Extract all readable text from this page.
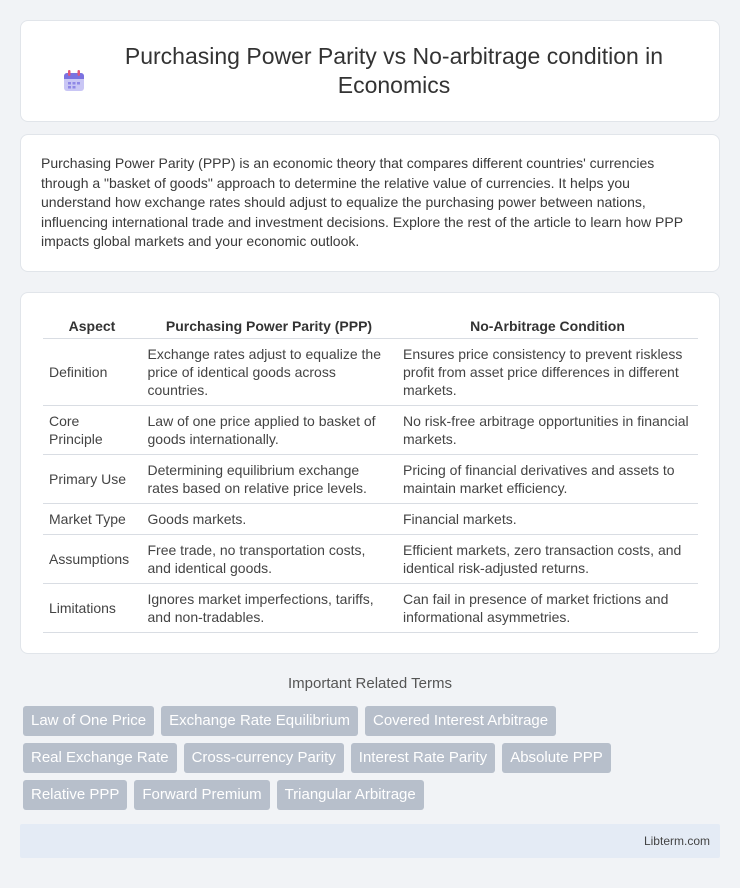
Purchasing Power Parity vs No-arbitrage condition in Economics

Purchasing Power Parity (PPP) is an economic theory that compares different countries' currencies through a "basket of goods" approach to determine the relative value of currencies. It helps you understand how exchange rates should adjust to equalize the purchasing power between nations, influencing international trade and investment decisions. Explore the rest of the article to learn how PPP impacts global markets and your economic outlook.

Aspect	Purchasing Power Parity (PPP)	No-Arbitrage Condition
Definition	Exchange rates adjust to equalize the price of identical goods across countries.	Ensures price consistency to prevent riskless profit from asset price differences in different markets.
Core Principle	Law of one price applied to basket of goods internationally.	No risk-free arbitrage opportunities in financial markets.
Primary Use	Determining equilibrium exchange rates based on relative price levels.	Pricing of financial derivatives and assets to maintain market efficiency.
Market Type	Goods markets.	Financial markets.
Assumptions	Free trade, no transportation costs, and identical goods.	Efficient markets, zero transaction costs, and identical risk-adjusted returns.
Limitations	Ignores market imperfections, tariffs, and non-tradables.	Can fail in presence of market frictions and informational asymmetries.
Important Related Terms
Law of One Price	Exchange Rate Equilibrium	Covered Interest Arbitrage
Real Exchange Rate	Cross-currency Parity	Interest Rate Parity	Absolute PPP
Relative PPP	Forward Premium	Triangular Arbitrage
Libterm.com
